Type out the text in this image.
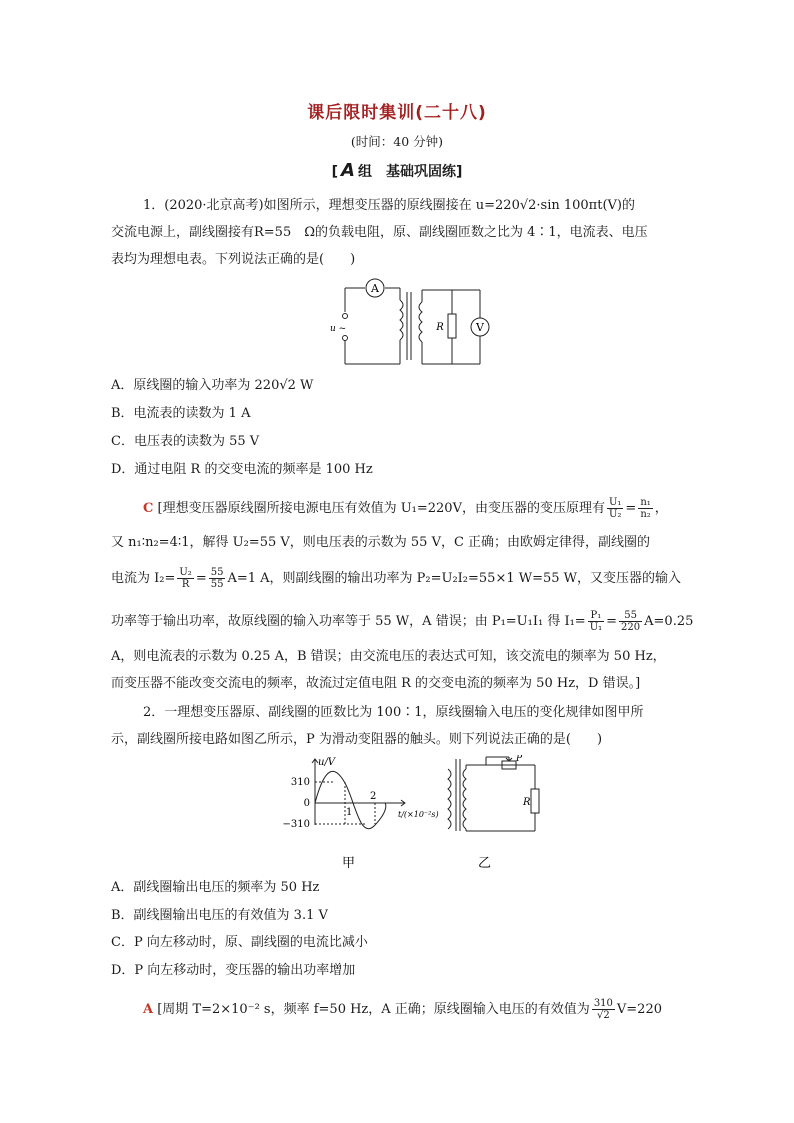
课后限时集训(二十八)
(时间：40 分钟)
[ A 组　基础巩固练]
1．(2020·北京高考)如图所示，理想变压器的原线圈接在 u=220√2·sin 100πt(V)的
交流电源上，副线圈接有R=55　Ω的负载电阻，原、副线圈匝数之比为 4∶1，电流表、电压
表均为理想电表。下列说法正确的是(　　)
A
V
R
u ~
A．原线圈的输入功率为 220√2 W
B．电流表的读数为 1 A
C．电压表的读数为 55 V
D．通过电阻 R 的交变电流的频率是 100 Hz
C [理想变压器原线圈所接电源电压有效值为 U₁=220V，由变压器的变压原理有 $\frac{\text{U₁}}{\text{U₂}} = \frac{\text{n₁}}{\text{n₂}}$ ，
又 n₁∶n₂=4∶1，解得 U₂=55 V，则电压表的示数为 55 V，C 正确；由欧姆定律得，副线圈的
电流为 $I_2= \frac{\text{U₂}}{R} = \frac{55}{55} A=1$ A，则副线圈的输出功率为 P₂=U₂I₂=55×1 W=55 W，又变压器的输入
功率等于输出功率，故原线圈的输入功率等于 55 W，A 错误；由 P₁=U₁I₁ 得 $I_1= \frac{\text{P₁}}{\text{U₁}} = \frac{55}{220} A=0.25$
A，则电流表的示数为 0.25 A，B 错误；由交流电压的表达式可知，该交流电的频率为 50 Hz，
而变压器不能改变交流电的频率，故流过定值电阻 R 的交变电流的频率为 50 Hz，D 错误。]
2．一理想变压器原、副线圈的匝数比为 100∶1，原线圈输入电压的变化规律如图甲所
示，副线圈所接电路如图乙所示，P 为滑动变阻器的触头。则下列说法正确的是(　　)
u/V
310
0
−310
t/(×10⁻²s)
1
2
P
R
甲	乙
A．副线圈输出电压的频率为 50 Hz
B．副线圈输出电压的有效值为 3.1 V
C．P 向左移动时，原、副线圈的电流比减小
D．P 向左移动时，变压器的输出功率增加
A [周期 T=2×10⁻² s，频率 f=50 Hz，A 正确；原线圈输入电压的有效值为 $\frac{310}{√2} V=220$
